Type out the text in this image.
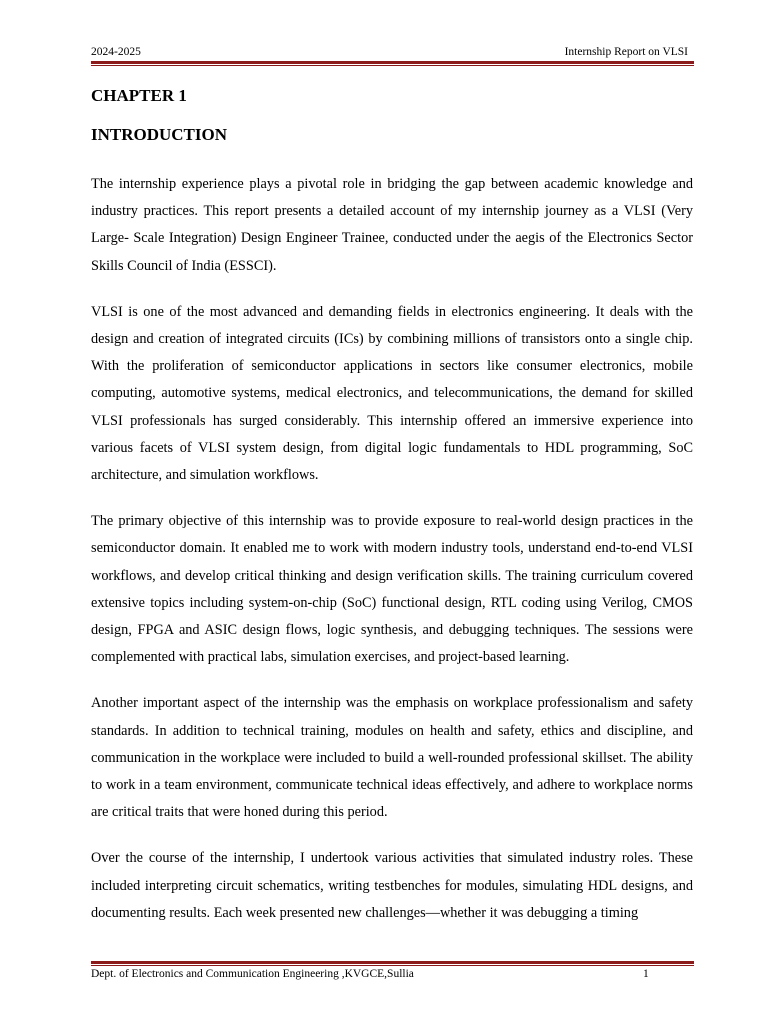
2024-2025	Internship Report on VLSI
CHAPTER 1
INTRODUCTION

The internship experience plays a pivotal role in bridging the gap between academic knowledge and industry practices. This report presents a detailed account of my internship journey as a VLSI (Very Large- Scale Integration) Design Engineer Trainee, conducted under the aegis of the Electronics Sector Skills Council of India (ESSCI).

VLSI is one of the most advanced and demanding fields in electronics engineering. It deals with the design and creation of integrated circuits (ICs) by combining millions of transistors onto a single chip. With the proliferation of semiconductor applications in sectors like consumer electronics, mobile computing, automotive systems, medical electronics, and telecommunications, the demand for skilled VLSI professionals has surged considerably. This internship offered an immersive experience into various facets of VLSI system design, from digital logic fundamentals to HDL programming, SoC architecture, and simulation workflows.

The primary objective of this internship was to provide exposure to real-world design practices in the semiconductor domain. It enabled me to work with modern industry tools, understand end-to-end VLSI workflows, and develop critical thinking and design verification skills. The training curriculum covered extensive topics including system-on-chip (SoC) functional design, RTL coding using Verilog, CMOS design, FPGA and ASIC design flows, logic synthesis, and debugging techniques. The sessions were complemented with practical labs, simulation exercises, and project-based learning.

Another important aspect of the internship was the emphasis on workplace professionalism and safety standards. In addition to technical training, modules on health and safety, ethics and discipline, and communication in the workplace were included to build a well-rounded professional skillset. The ability to work in a team environment, communicate technical ideas effectively, and adhere to workplace norms are critical traits that were honed during this period.

Over the course of the internship, I undertook various activities that simulated industry roles. These included interpreting circuit schematics, writing testbenches for modules, simulating HDL designs, and documenting results. Each week presented new challenges—whether it was debugging a timing

Dept. of Electronics and Communication Engineering ,KVGCE,Sullia	1
